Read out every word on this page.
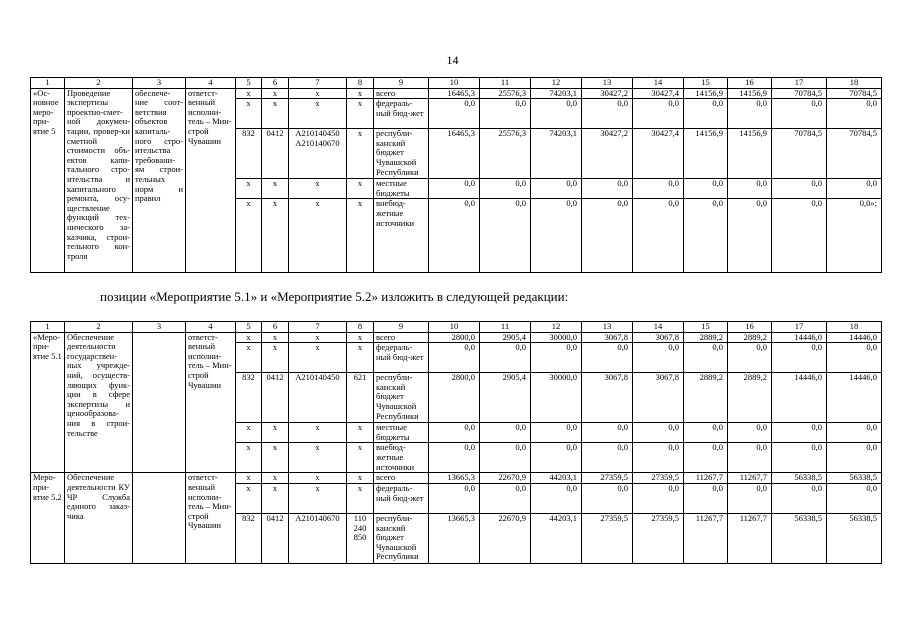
14
1	2	3	4	5	6	7	8	9	10	11	12	13	14	15	16	17	18
«Ос-новное меро-при-ятие 5	Проведение экспертизы проектно-смет-ной докумен-тации, провер-ки сметной стоимости объ-ектов капи-тального стро-ительства и капитального ремонта, осу-ществление функций тех-нического за-казчика, строи-тельного кон-троля	обеспече-ние соот-ветствия объектов капиталь-ного стро-ительства требовани-ям строи-тельных норм и правил	ответст-венный исполни-тель – Мин-строй Чувашии	x	x	x	x	всего	16465,3	25576,3	74203,1	30427,2	30427,4	14156,9	14156,9	70784,5	70784,5
				x	x	x	x	федераль-ный бюд-жет	0,0	0,0	0,0	0,0	0,0	0,0	0,0	0,0	0,0
				832	0412	А210140450 А210140670	x	республи-канский бюджет Чувашской Республики	16465,3	25576,3	74203,1	30427,2	30427,4	14156,9	14156,9	70784,5	70784,5
				x	x	x	x	местные бюджеты	0,0	0,0	0,0	0,0	0,0	0,0	0,0	0,0	0,0
				x	x	x	x	внебюд-жетные источники	0,0	0,0	0,0	0,0	0,0	0,0	0,0	0,0	0,0»;
позиции «Мероприятие 5.1» и «Мероприятие 5.2» изложить в следующей редакции:
1	2	3	4	5	6	7	8	9	10	11	12	13	14	15	16	17	18
«Меро-при-ятие 5.1	Обеспечение деятельности государствен-ных учрежде-ний, осуществ-ляющих функ-ции в сфере экспертизы и ценообразова-ния в строи-тельстве		ответст-венный исполни-тель – Мин-строй Чувашии	x	x	x	x	всего	2800,0	2905,4	30000,0	3067,8	3067,8	2889,2	2889,2	14446,0	14446,0
				x	x	x	x	федераль-ный бюд-жет	0,0	0,0	0,0	0,0	0,0	0,0	0,0	0,0	0,0
				832	0412	А210140450	621	республи-канский бюджет Чувашской Республики	2800,0	2905,4	30000,0	3067,8	3067,8	2889,2	2889,2	14446,0	14446,0
				x	x	x	x	местные бюджеты	0,0	0,0	0,0	0,0	0,0	0,0	0,0	0,0	0,0
				x	x	x	x	внебюд-жетные источники	0,0	0,0	0,0	0,0	0,0	0,0	0,0	0,0	0,0
Меро-при-ятие 5.2	Обеспечение деятельности КУ ЧР Служба единого заказ-чика		ответст-венный исполни-тель – Мин-строй Чувашии	x	x	x	x	всего	13665,3	22670,9	44203,1	27359,5	27359,5	11267,7	11267,7	56338,5	56338,5
				x	x	x	x	федераль-ный бюд-жет	0,0	0,0	0,0	0,0	0,0	0,0	0,0	0,0	0,0
				832	0412	А210140670	110 240 850	республи-канский бюджет Чувашской Республики	13665,3	22670,9	44203,1	27359,5	27359,5	11267,7	11267,7	56338,5	56338,5
